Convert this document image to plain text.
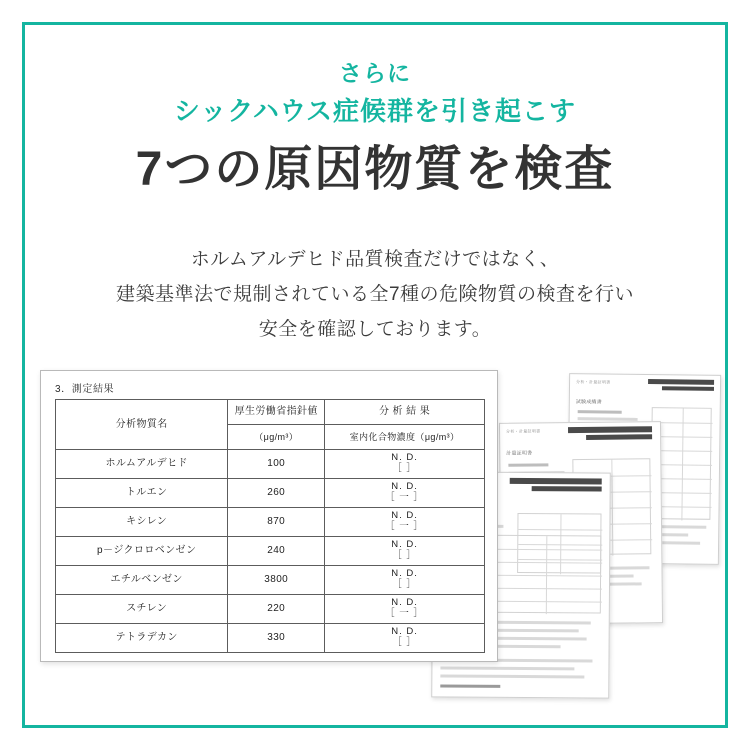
さらに

シックハウス症候群を引き起こす

7つの原因物質を検査
ホルムアルデヒド品質検査だけではなく、
建築基準法で規制されている全7種の危険物質の検査を行い
安全を確認しております。
分析・計量証明書
試験成績書
分析・計量証明書
計量証明書
3．測定結果
分析物質名	厚生労働省指針値	分 析 結 果
	（μg/m³）	室内化合物濃度（μg/m³）
ホルムアルデヒド	100	N. D.
［ ］

トルエン	260	N. D.
［ 一 ］

キシレン	870	N. D.
［ 一 ］

p－ジクロロベンゼン	240	N. D.
［ ］

エチルベンゼン	3800	N. D.
［ ］

スチレン	220	N. D.
［ 一 ］

テトラデカン	330	N. D.
［ ］
